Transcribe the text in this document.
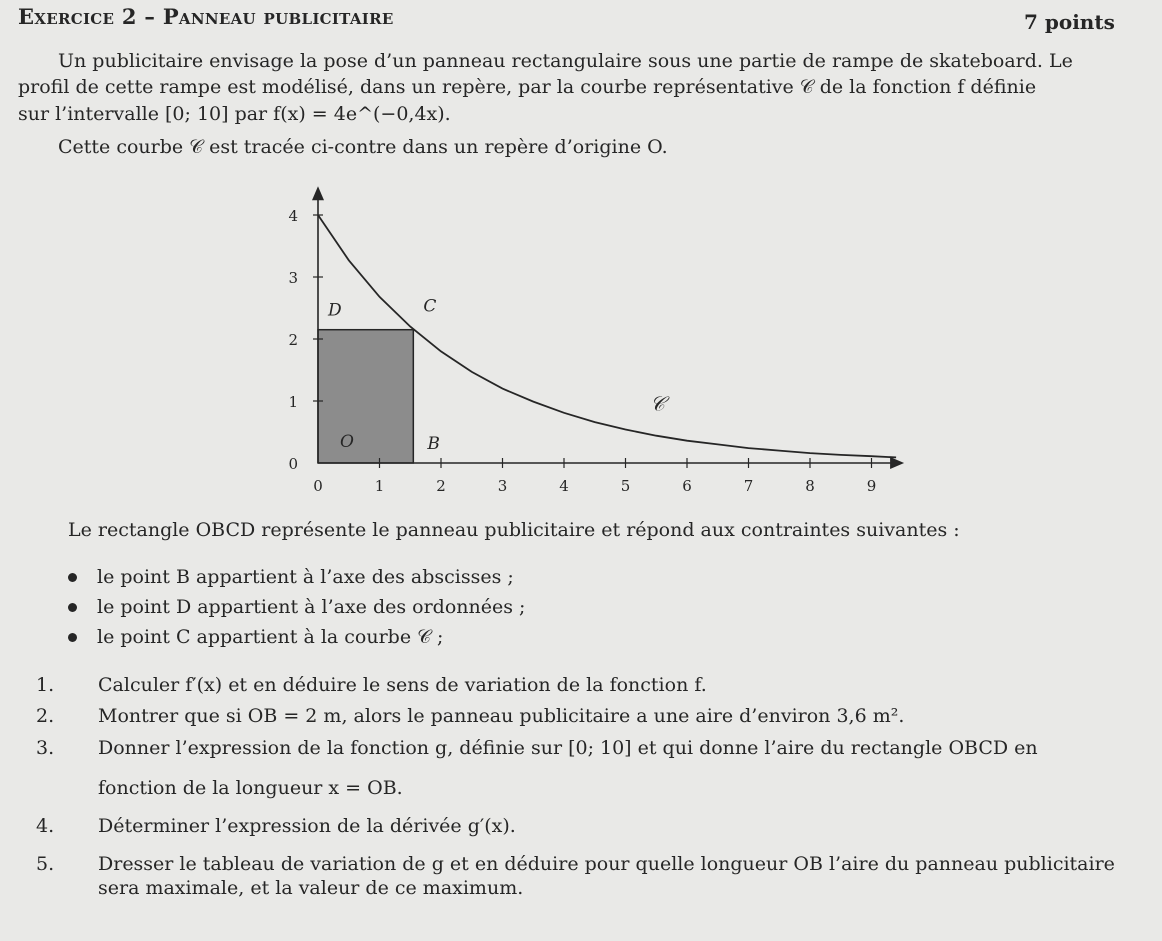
Exercice 2 – Panneau publicitaire	7 points
Un publicitaire envisage la pose d’un panneau rectangulaire sous une partie de rampe de skateboard. Le
profil de cette rampe est modélisé, dans un repère, par la courbe représentative 𝒞 de la fonction f définie
sur l’intervalle [0; 10] par f(x) = 4e^(−0,4x).
Cette courbe 𝒞 est tracée ci-contre dans un repère d’origine O.
0	1	2	3	4	5	6	7	8	9
0
1
2
3
4
O	B
C
D
𝒞
Le rectangle OBCD représente le panneau publicitaire et répond aux contraintes suivantes :
le point B appartient à l’axe des abscisses ;
le point D appartient à l’axe des ordonnées ;
le point C appartient à la courbe 𝒞 ;
1. Calculer f′(x) et en déduire le sens de variation de la fonction f.
2. Montrer que si OB = 2 m, alors le panneau publicitaire a une aire d’environ 3,6 m².
3. Donner l’expression de la fonction g, définie sur [0; 10] et qui donne l’aire du rectangle OBCD en
fonction de la longueur x = OB.
4. Déterminer l’expression de la dérivée g′(x).
5. Dresser le tableau de variation de g et en déduire pour quelle longueur OB l’aire du panneau publicitaire
sera maximale, et la valeur de ce maximum.
